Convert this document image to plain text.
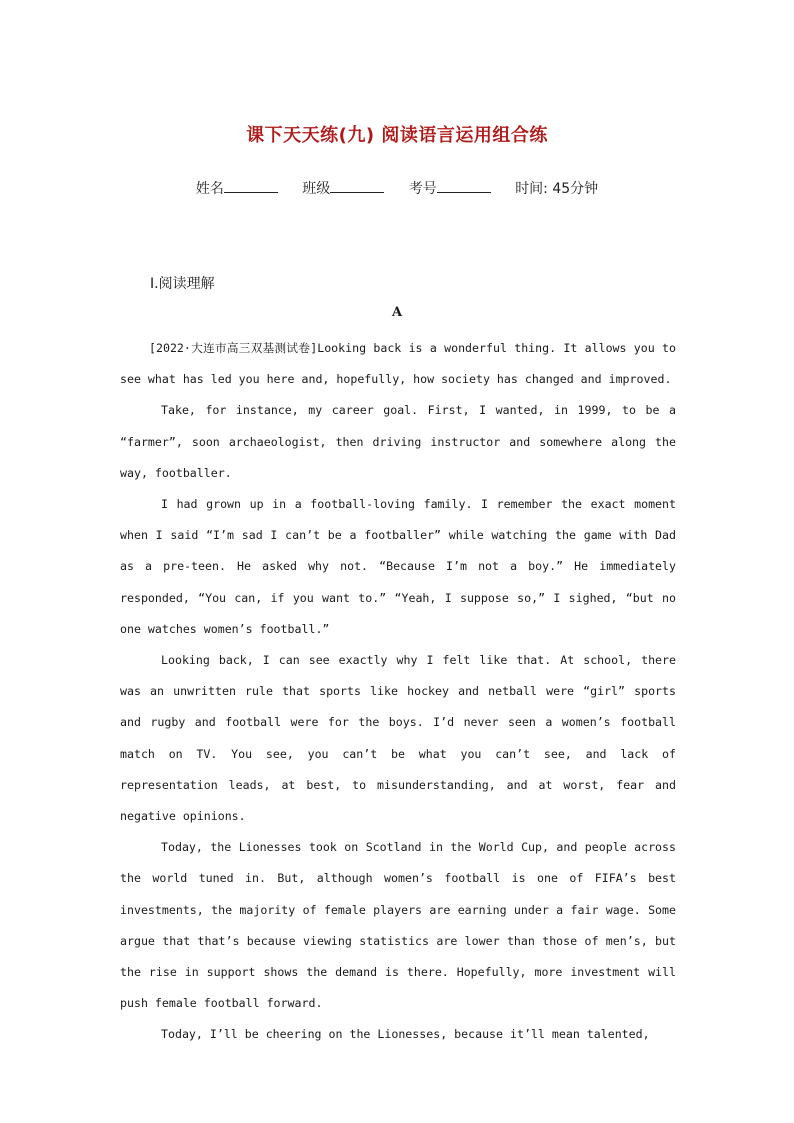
课下天天练(九) 阅读语言运用组合练
姓名	班级	考号	时间: 45分钟
Ⅰ.阅读理解
A

[2022·大连市高三双基测试卷]Looking back is a wonderful thing. It allows you to see what has led you here and, hopefully, how society has changed and improved.

Take, for instance, my career goal. First, I wanted, in 1999, to be a “farmer”, soon archaeologist, then driving instructor and somewhere along the way, footballer.

I had grown up in a football-loving family. I remember the exact moment when I said “I’m sad I can’t be a footballer” while watching the game with Dad as a pre-teen. He asked why not. “Because I’m not a boy.” He immediately responded, “You can, if you want to.” “Yeah, I suppose so,” I sighed, “but no one watches women’s football.”

Looking back, I can see exactly why I felt like that. At school, there was an unwritten rule that sports like hockey and netball were “girl” sports and rugby and football were for the boys. I’d never seen a women’s football match on TV. You see, you can’t be what you can’t see, and lack of representation leads, at best, to misunderstanding, and at worst, fear and negative opinions.

Today, the Lionesses took on Scotland in the World Cup, and people across the world tuned in. But, although women’s football is one of FIFA’s best investments, the majority of female players are earning under a fair wage. Some argue that that’s because viewing statistics are lower than those of men’s, but the rise in support shows the demand is there. Hopefully, more investment will push female football forward.

Today, I’ll be cheering on the Lionesses, because it’ll mean talented,
